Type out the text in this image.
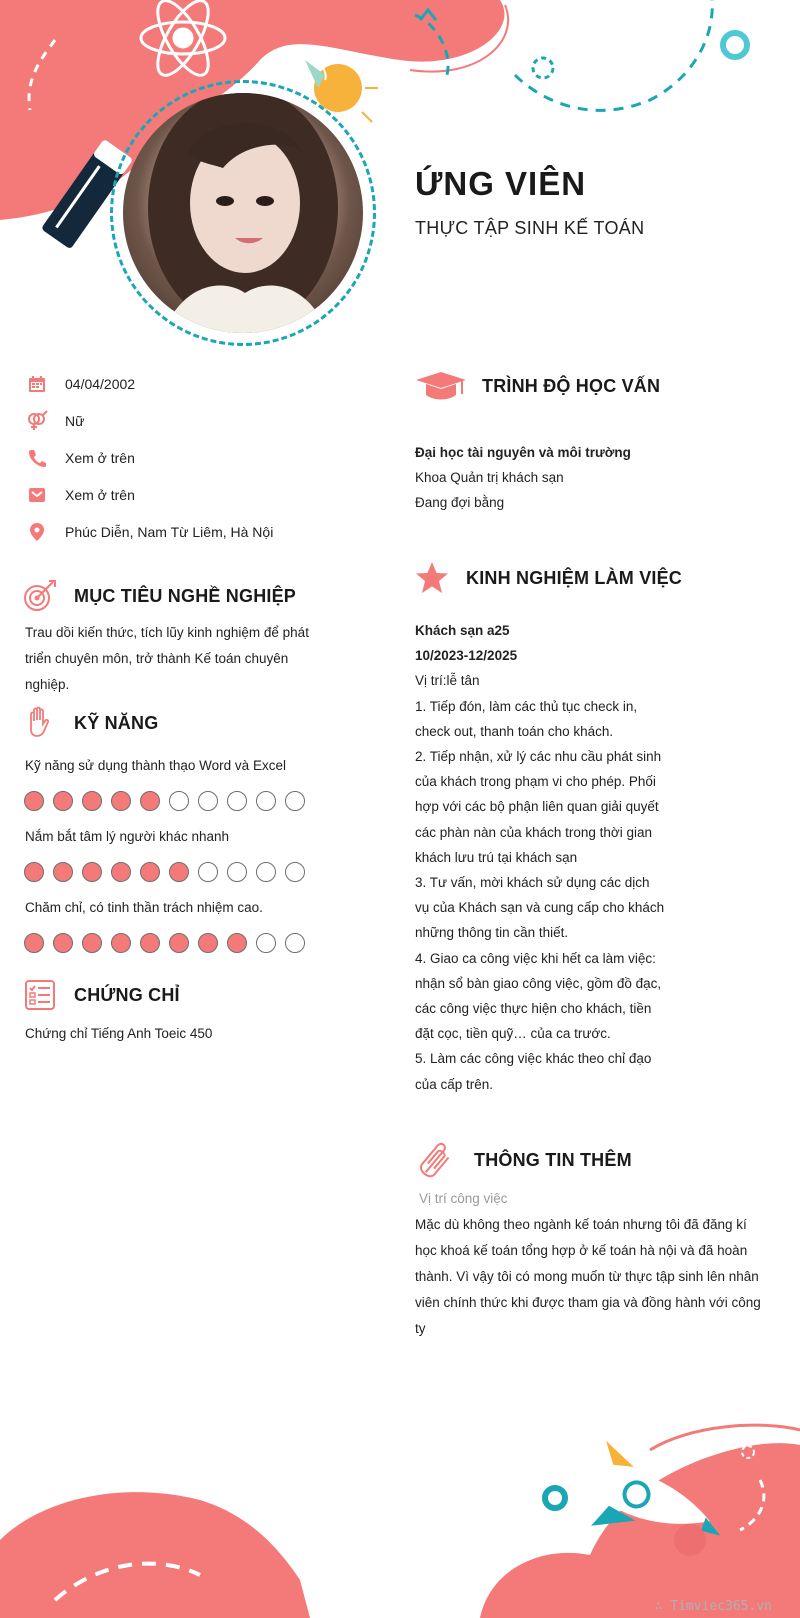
ỨNG VIÊN
THỰC TẬP SINH KẾ TOÁN
04/04/2002
Nữ
Xem ở trên
Xem ở trên
Phúc Diễn, Nam Từ Liêm, Hà Nội
MỤC TIÊU NGHỀ NGHIỆP
Trau dồi kiến thức, tích lũy kinh nghiệm để phát
triển chuyên môn, trở thành Kế toán chuyên
nghiệp.
KỸ NĂNG
Kỹ năng sử dụng thành thạo Word và Excel
Nắm bắt tâm lý người khác nhanh
Chăm chỉ, có tinh thần trách nhiệm cao.
CHỨNG CHỈ
Chứng chỉ Tiếng Anh Toeic 450
TRÌNH ĐỘ HỌC VẤN
Đại học tài nguyên và môi trường
Khoa Quản trị khách sạn
Đang đợi bằng
KINH NGHIỆM LÀM VIỆC
Khách sạn a25
10/2023-12/2025
Vị trí:lễ tân
1. Tiếp đón, làm các thủ tục check in,
check out, thanh toán cho khách.
2. Tiếp nhận, xử lý các nhu cầu phát sinh
của khách trong phạm vi cho phép. Phối
hợp với các bộ phận liên quan giải quyết
các phàn nàn của khách trong thời gian
khách lưu trú tại khách sạn
3. Tư vấn, mời khách sử dụng các dịch
vụ của Khách sạn và cung cấp cho khách
những thông tin cần thiết.
4. Giao ca công việc khi hết ca làm việc:
nhận sổ bàn giao công việc, gồm đồ đạc,
các công việc thực hiện cho khách, tiền
đặt cọc, tiền quỹ… của ca trước.
5. Làm các công việc khác theo chỉ đạo
của cấp trên.
THÔNG TIN THÊM
Vị trí công việc
Mặc dù không theo ngành kế toán nhưng tôi đã đăng kí
học khoá kế toán tổng hợp ở kế toán hà nội và đã hoàn
thành. Vì vậy tôi có mong muốn từ thực tập sinh lên nhân
viên chính thức khi được tham gia và đồng hành với công
ty
∴ Timviec365.vn
